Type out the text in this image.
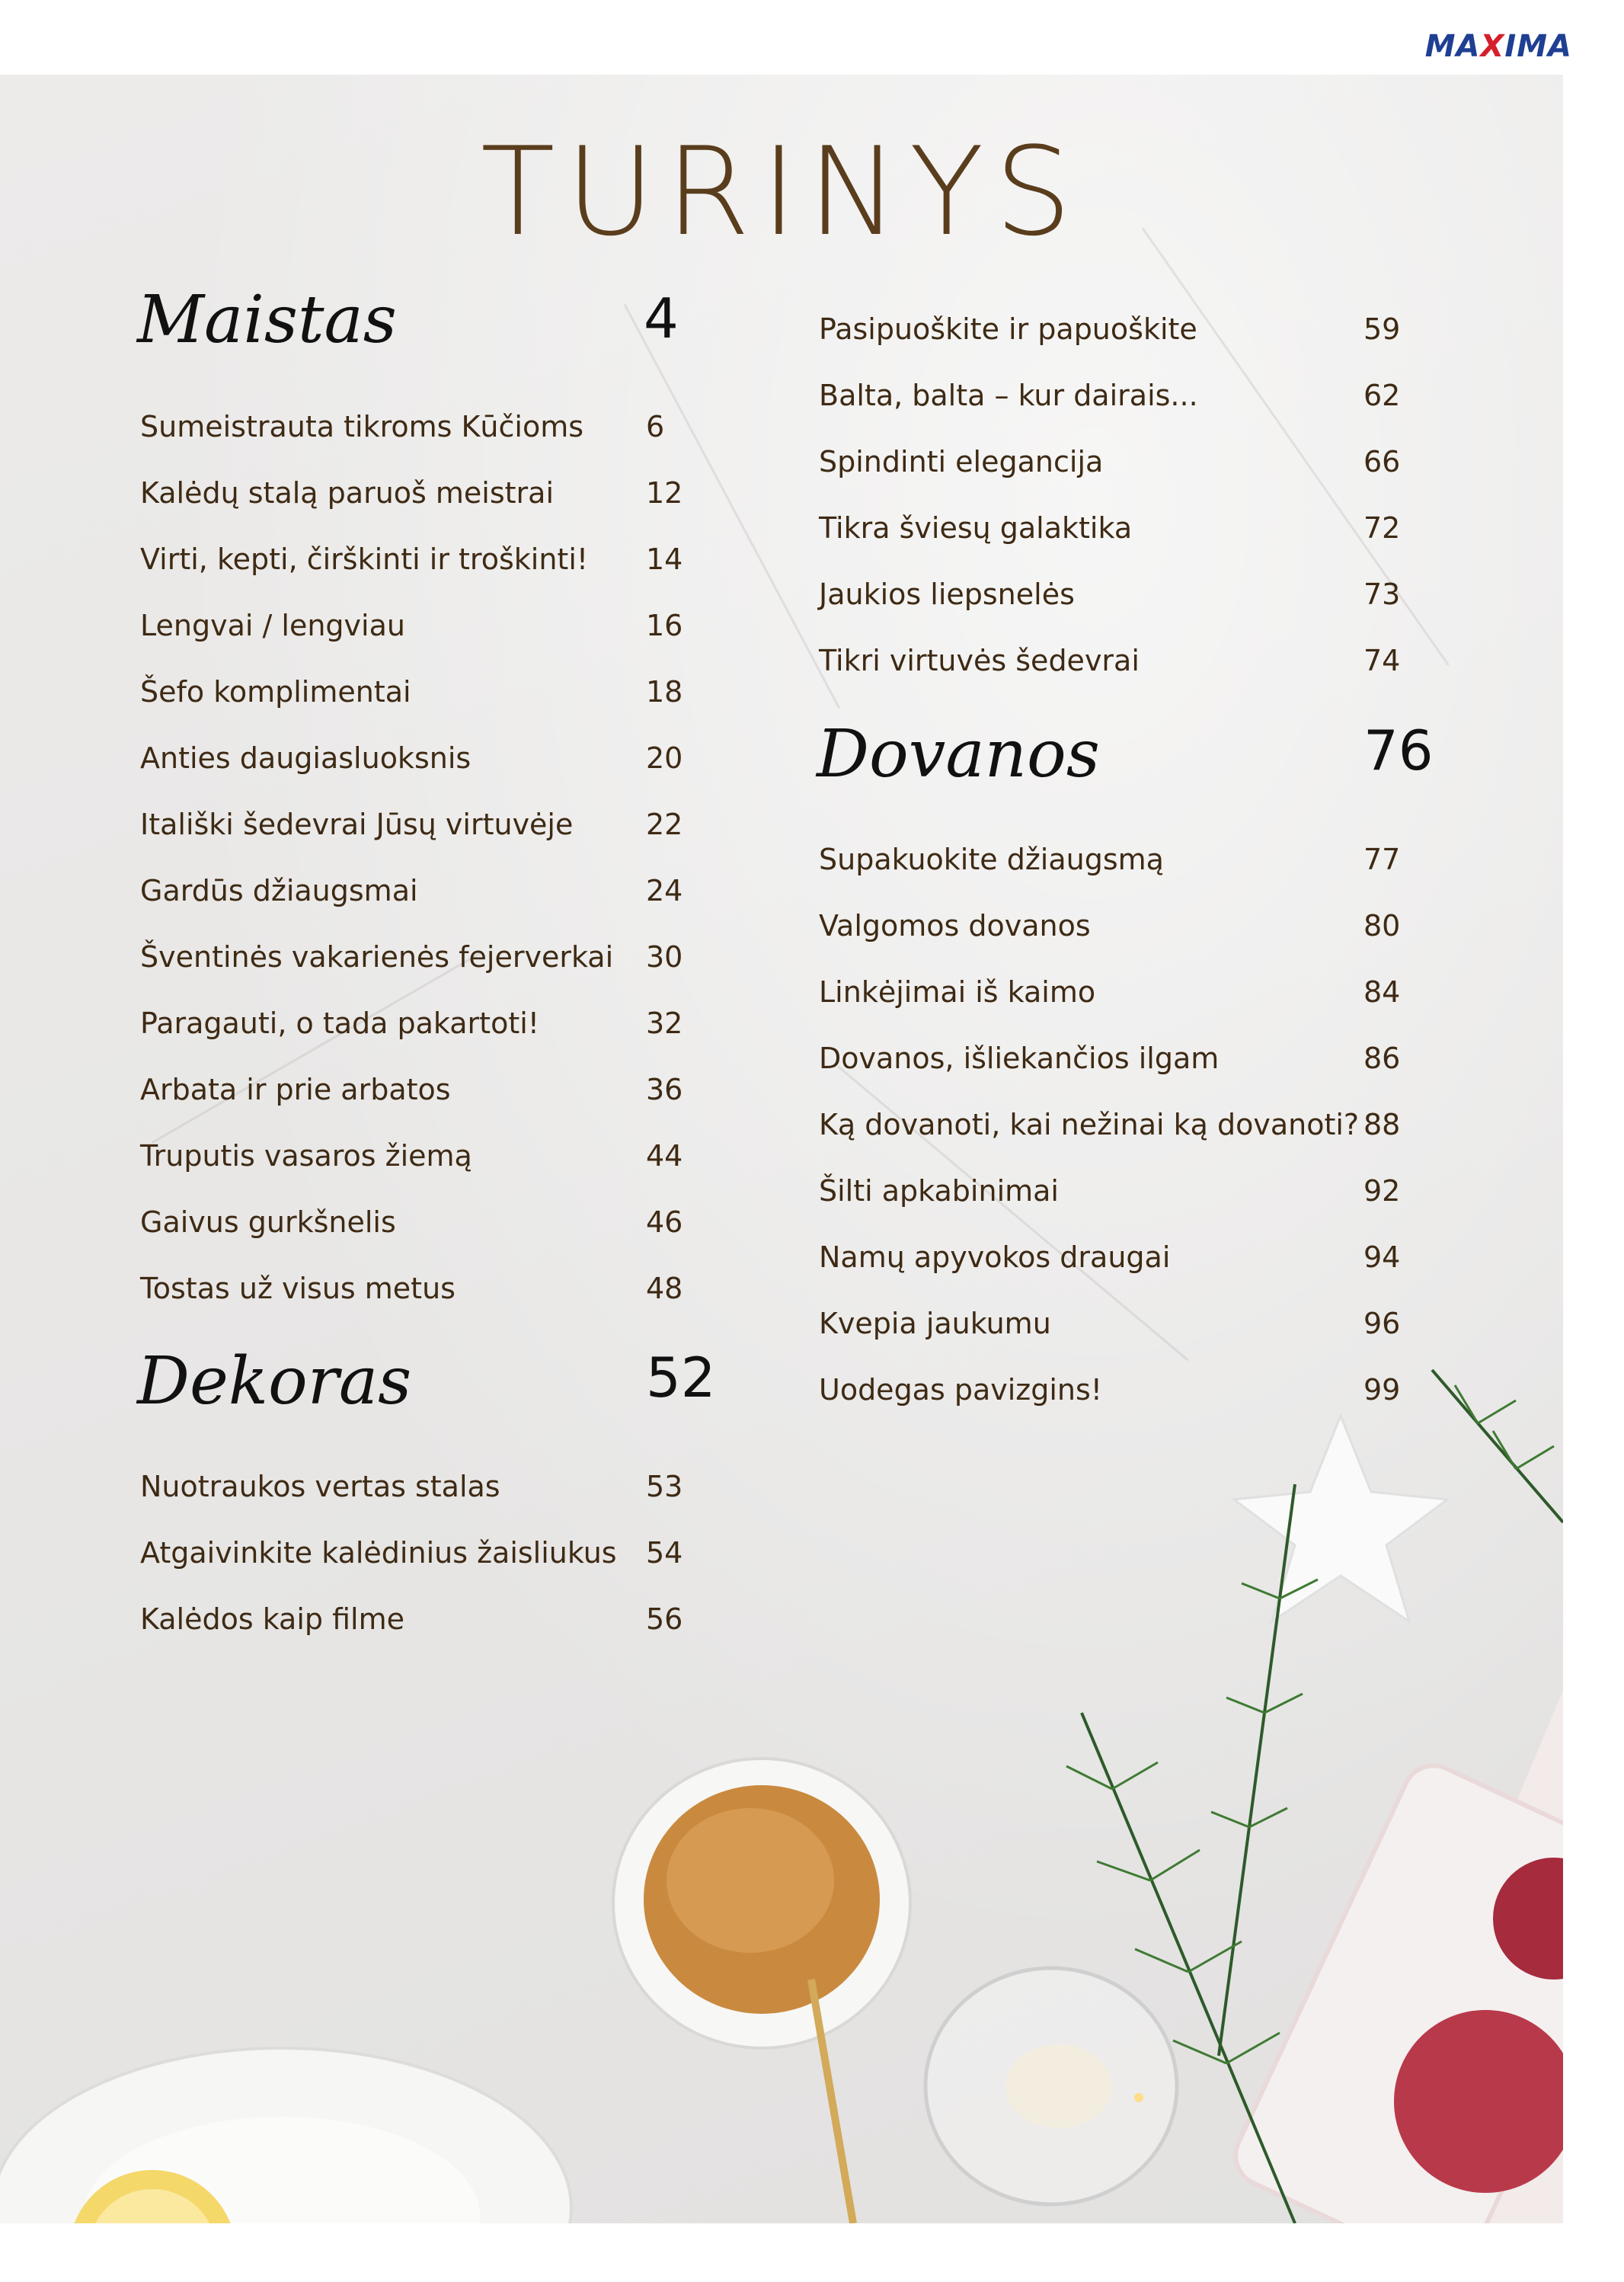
MAXIMA
TURINYS
Maistas	4
Sumeistrauta tikroms Kūčioms 6
Kalėdų stalą paruoš meistrai	12
Virti, kepti, čirškinti ir troškinti! 14
Lengvai / lengviau	16
Šefo komplimentai	18
Anties daugiasluoksnis	20
Itališki šedevrai Jūsų virtuvėje	22
Gardūs džiaugsmai	24
Šventinės vakarienės fejerverkai 30
Paragauti, o tada pakartoti!	32
Arbata ir prie arbatos	36
Truputis vasaros žiemą	44
Gaivus gurkšnelis	46
Tostas už visus metus	48
Dekoras	52
Nuotraukos vertas stalas	53
Atgaivinkite kalėdinius žaisliukus 54
Kalėdos kaip filme	56
Pasipuoškite ir papuoškite	59
Balta, balta – kur dairais...	62
Spindinti elegancija	66
Tikra šviesų galaktika	72
Jaukios liepsnelės	73
Tikri virtuvės šedevrai	74
Dovanos	76
Supakuokite džiaugsmą	77
Valgomos dovanos	80
Linkėjimai iš kaimo	84
Dovanos, išliekančios ilgam	86
Ką dovanoti, kai nežinai ką dovanoti? 88
Šilti apkabinimai	92
Namų apyvokos draugai	94
Kvepia jaukumu	96
Uodegas pavizgins!	99
